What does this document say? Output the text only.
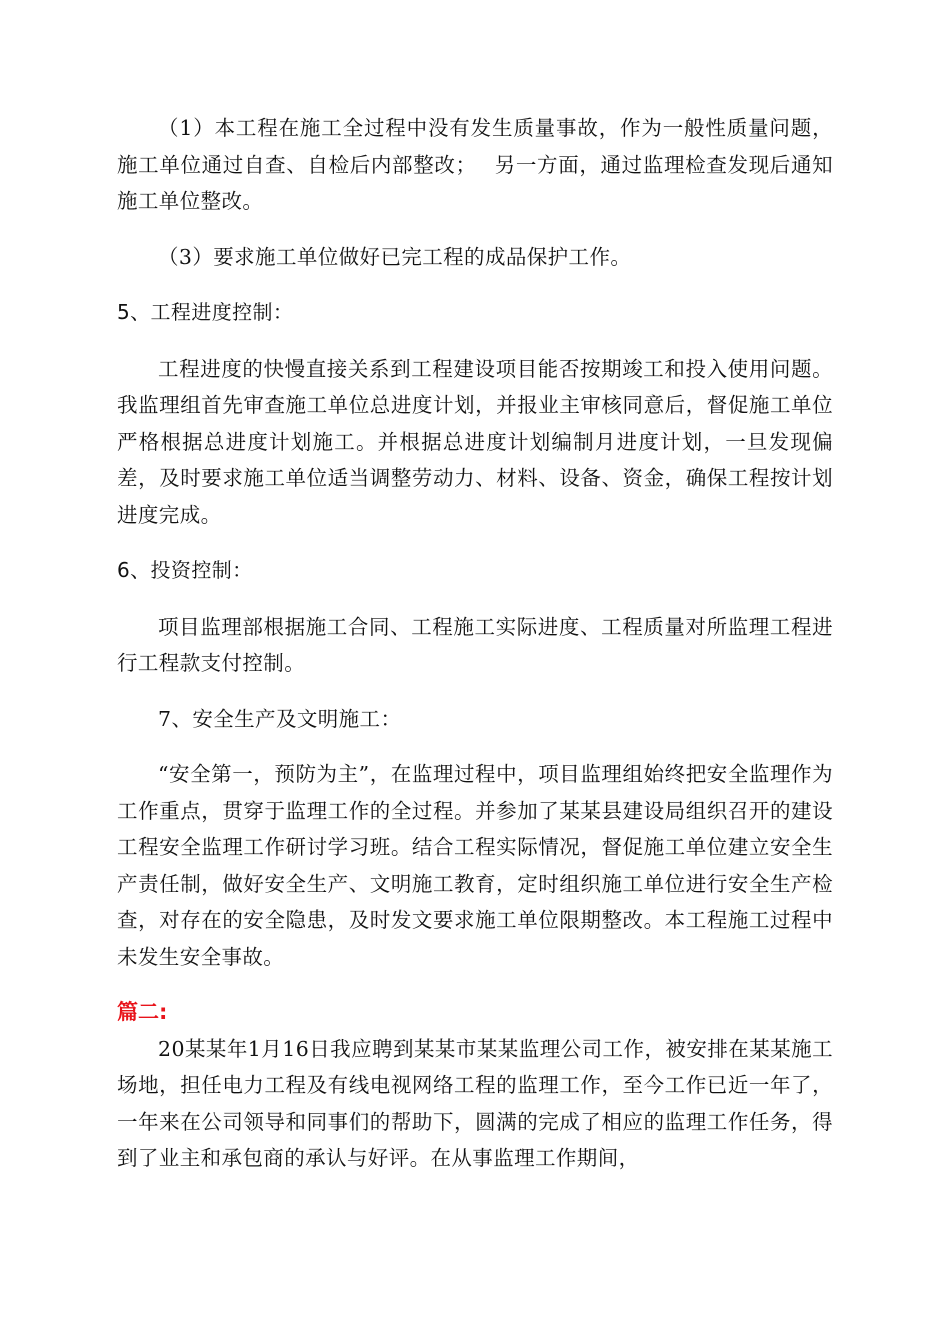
（1）本工程在施工全过程中没有发生质量事故，作为一般性质量问题，施工单位通过自查、自检后内部整改；　 另一方面，通过监理检查发现后通知施工单位整改。

（3）要求施工单位做好已完工程的成品保护工作。

5、工程进度控制：

工程进度的快慢直接关系到工程建设项目能否按期竣工和投入使用问题。我监理组首先审查施工单位总进度计划，并报业主审核同意后，督促施工单位严格根据总进度计划施工。并根据总进度计划编制月进度计划，一旦发现偏差，及时要求施工单位适当调整劳动力、材料、设备、资金，确保工程按计划进度完成。

6、投资控制：

项目监理部根据施工合同、工程施工实际进度、工程质量对所监理工程进行工程款支付控制。

7、安全生产及文明施工：

“安全第一，预防为主”，在监理过程中，项目监理组始终把安全监理作为工作重点，贯穿于监理工作的全过程。并参加了某某县建设局组织召开的建设工程安全监理工作研讨学习班。结合工程实际情况，督促施工单位建立安全生产责任制，做好安全生产、文明施工教育，定时组织施工单位进行安全生产检查，对存在的安全隐患，及时发文要求施工单位限期整改。本工程施工过程中未发生安全事故。

篇二:

20某某年1月16日我应聘到某某市某某监理公司工作，被安排在某某施工场地，担任电力工程及有线电视网络工程的监理工作，至今工作已近一年了，一年来在公司领导和同事们的帮助下，圆满的完成了相应的监理工作任务，得到了业主和承包商的承认与好评。在从事监理工作期间，
